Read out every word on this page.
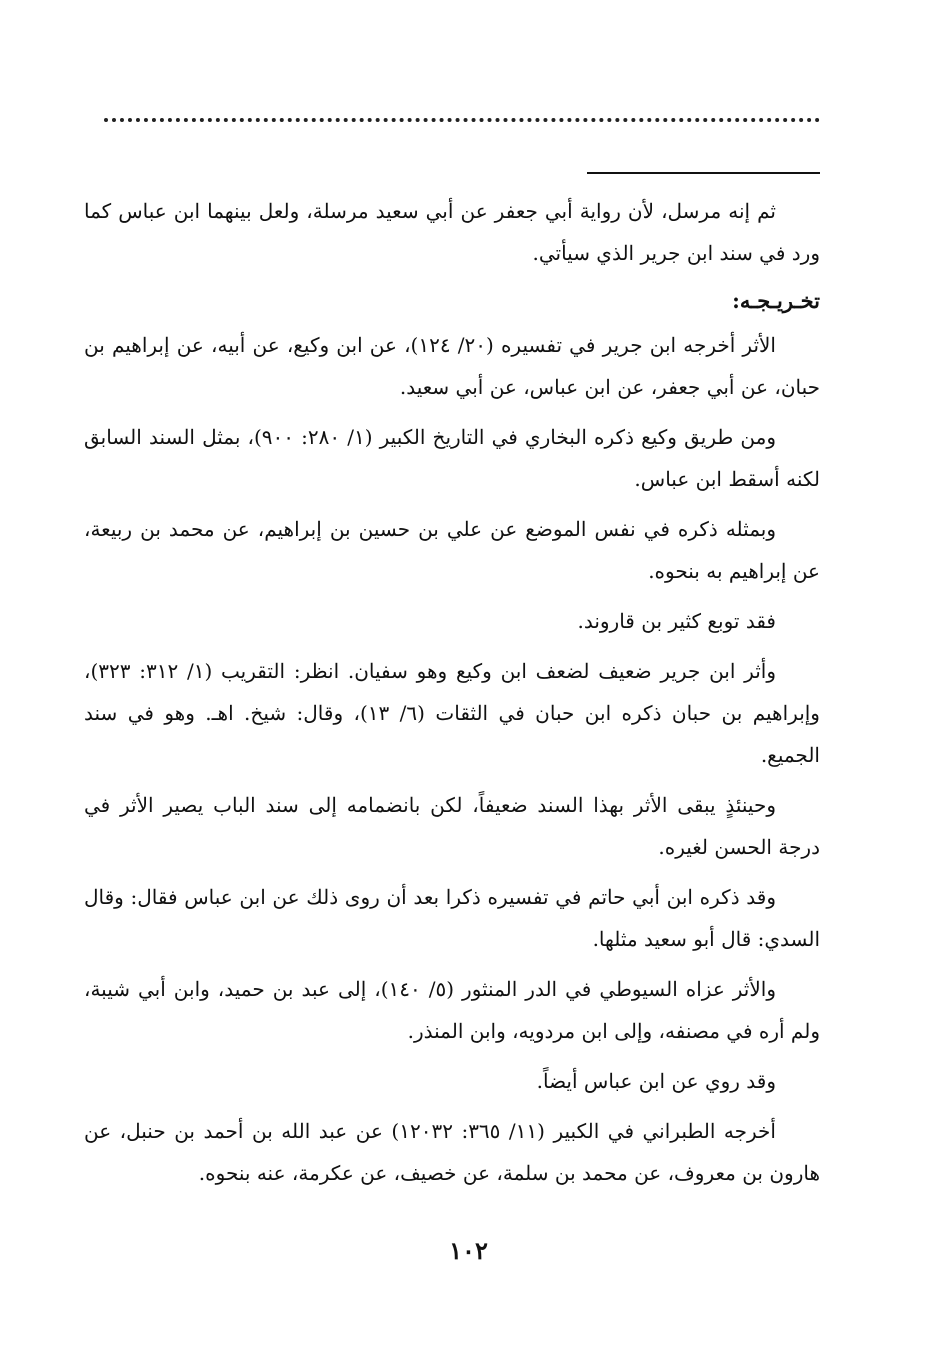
ثم إنه مرسل، لأن رواية أبي جعفر عن أبي سعيد مرسلة، ولعل بينهما ابن عباس كما ورد في سند ابن جرير الذي سيأتي.

تخـريـجـه:

الأثر أخرجه ابن جرير في تفسيره (٢٠/ ١٢٤)، عن ابن وكيع، عن أبيه، عن إبراهيم بن حبان، عن أبي جعفر، عن ابن عباس، عن أبي سعيد.

ومن طريق وكيع ذكره البخاري في التاريخ الكبير (١/ ٢٨٠: ٩٠٠)، بمثل السند السابق لكنه أسقط ابن عباس.

وبمثله ذكره في نفس الموضع عن علي بن حسين بن إبراهيم، عن محمد بن ربيعة، عن إبراهيم به بنحوه.

فقد توبع كثير بن قاروند.

وأثر ابن جرير ضعيف لضعف ابن وكيع وهو سفيان. انظر: التقريب (١/ ٣١٢: ٣٢٣)، وإبراهيم بن حبان ذكره ابن حبان في الثقات (٦/ ١٣)، وقال: شيخ. اهـ. وهو في سند الجميع.

وحينئذٍ يبقى الأثر بهذا السند ضعيفاً، لكن بانضمامه إلى سند الباب يصير الأثر في درجة الحسن لغيره.

وقد ذكره ابن أبي حاتم في تفسيره ذكرا بعد أن روى ذلك عن ابن عباس فقال: وقال السدي: قال أبو سعيد مثلها.

والأثر عزاه السيوطي في الدر المنثور (٥/ ١٤٠)، إلى عبد بن حميد، وابن أبي شيبة، ولم أره في مصنفه، وإلى ابن مردويه، وابن المنذر.

وقد روي عن ابن عباس أيضاً.

أخرجه الطبراني في الكبير (١١/ ٣٦٥: ١٢٠٣٢) عن عبد الله بن أحمد بن حنبل، عن هارون بن معروف، عن محمد بن سلمة، عن خصيف، عن عكرمة، عنه بنحوه.

١٠٢
